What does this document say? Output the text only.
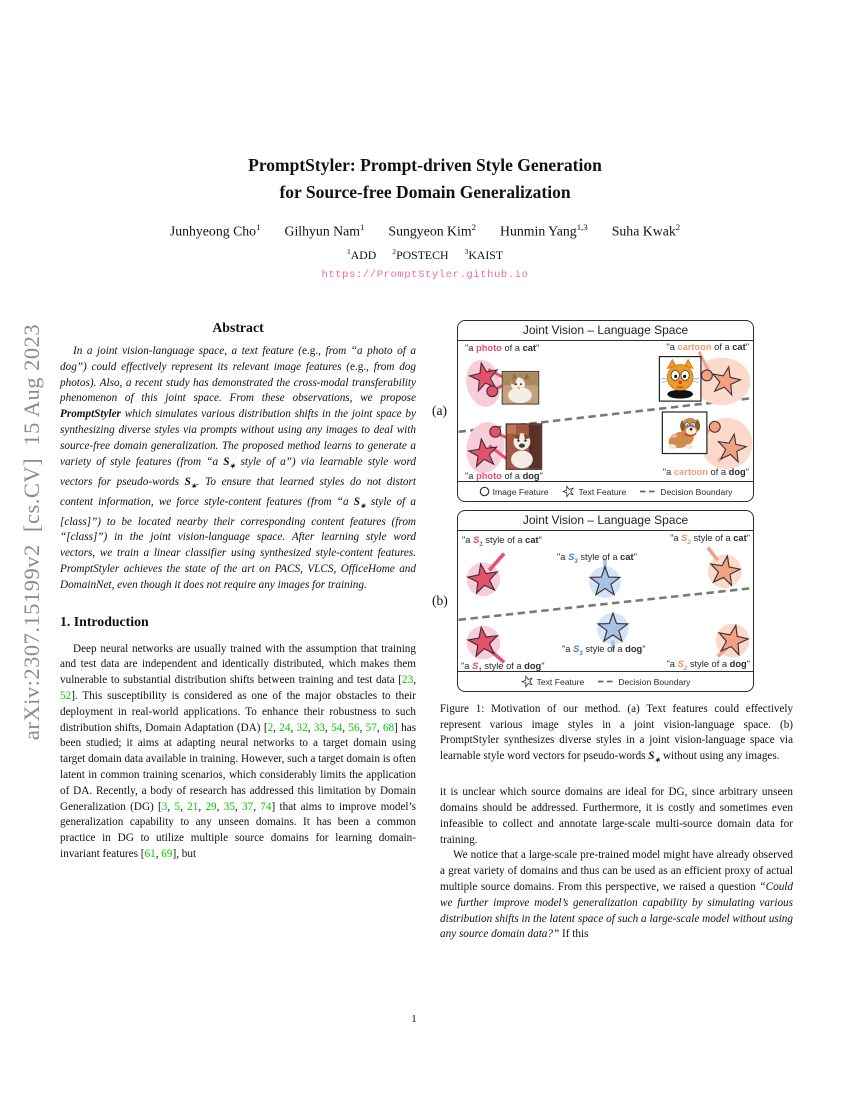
arXiv:2307.15199v2  [cs.CV]  15 Aug 2023
PromptStyler: Prompt-driven Style Generation
for Source-free Domain Generalization
Junhyeong Cho$^1$ Gilhyun Nam$^1$ Sungyeon Kim$^2$ Hunmin Yang$^{1,3}$ Suha Kwak$^2$
$^1$ADD $^2$POSTECH $^3$KAIST
https://PromptStyler.github.io
Abstract

In a joint vision-language space, a text feature (e.g., from “a photo of a dog”) could effectively represent its relevant image features (e.g., from dog photos). Also, a recent study has demonstrated the cross-modal transferability phenomenon of this joint space. From these observations, we propose PromptStyler which simulates various distribution shifts in the joint space by synthesizing diverse styles via prompts without using any images to deal with source-free domain generalization. The proposed method learns to generate a variety of style features (from “a $S_∗$ style of a”) via learnable style word vectors for pseudo-words $S_∗$. To ensure that learned styles do not distort content information, we force style-content features (from “a $S_∗$ style of a [class]”) to be located nearby their corresponding content features (from “[class]”) in the joint vision-language space. After learning style word vectors, we train a linear classifier using synthesized style-content features. PromptStyler achieves the state of the art on PACS, VLCS, OfficeHome and DomainNet, even though it does not require any images for training.

1. Introduction

Deep neural networks are usually trained with the assumption that training and test data are independent and identically distributed, which makes them vulnerable to substantial distribution shifts between training and test data [23, 52]. This susceptibility is considered as one of the major obstacles to their deployment in real-world applications. To enhance their robustness to such distribution shifts, Domain Adaptation (DA) [2, 24, 32, 33, 54, 56, 57, 68] has been studied; it aims at adapting neural networks to a target domain using target domain data available in training. However, such a target domain is often latent in common training scenarios, which considerably limits the application of DA. Recently, a body of research has addressed this limitation by Domain Generalization (DG) [3, 5, 21, 29, 35, 37, 74] that aims to improve model’s generalization capability to any unseen domains. It has been a common practice in DG to utilize multiple source domains for learning domain-invariant features [61, 69], but

(a)
Joint Vision – Language Space
"a photo of a cat"	"a cartoon of a cat"
"a photo of a dog"	"a cartoon of a dog"
Image Feature	Text Feature	Decision Boundary
(b)
Joint Vision – Language Space
"a $S_1$ style of a cat"
"a $S_3$ style of a cat"
"a $S_2$ style of a cat"
"a $S_1$ style of a dog"
"a $S_3$ style of a dog"
"a $S_2$ style of a dog"
Text Feature	Decision Boundary

Figure 1: Motivation of our method. (a) Text features could effectively represent various image styles in a joint vision-language space. (b) PromptStyler synthesizes diverse styles in a joint vision-language space via learnable style word vectors for pseudo-words $S_∗$ without using any images.

it is unclear which source domains are ideal for DG, since arbitrary unseen domains should be addressed. Furthermore, it is costly and sometimes even infeasible to collect and annotate large-scale multi-source domain data for training.

We notice that a large-scale pre-trained model might have already observed a great variety of domains and thus can be used as an efficient proxy of actual multiple source domains. From this perspective, we raised a question “Could we further improve model’s generalization capability by simulating various distribution shifts in the latent space of such a large-scale model without using any source domain data?” If this

1
